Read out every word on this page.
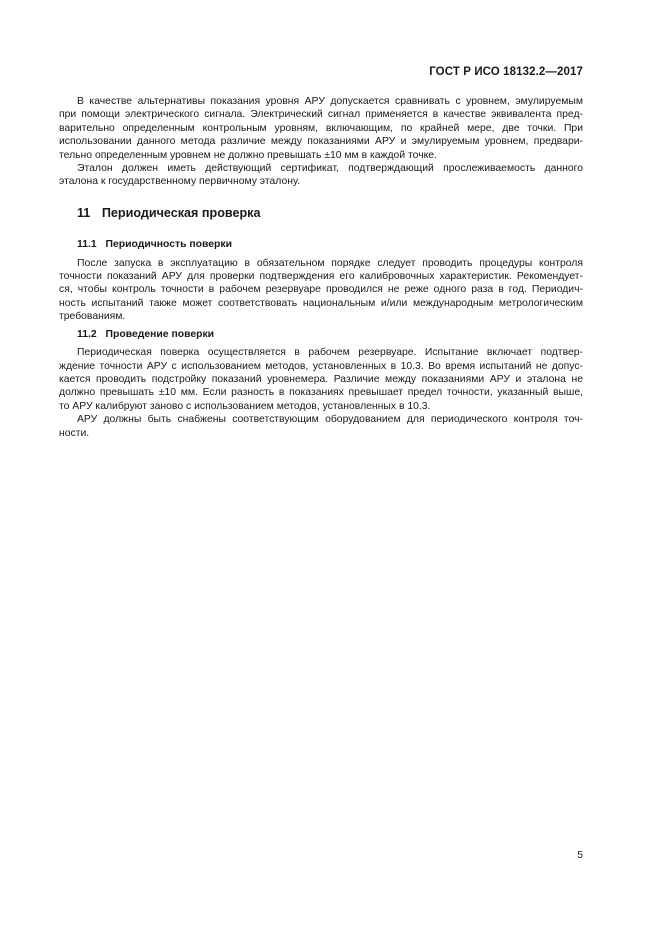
ГОСТ Р ИСО 18132.2—2017

В качестве альтернативы показания уровня АРУ допускается сравнивать с уровнем, эмулируемым
при помощи электрического сигнала. Электрический сигнал применяется в качестве эквивалента пред-
варительно определенным контрольным уровням, включающим, по крайней мере, две точки. При
использовании данного метода различие между показаниями АРУ и эмулируемым уровнем, предвари-
тельно определенным уровнем не должно превышать ±10 мм в каждой точке.

Эталон должен иметь действующий сертификат, подтверждающий прослеживаемость данного
эталона к государственному первичному эталону.

11 Периодическая проверка
11.1 Периодичность поверки

После запуска в эксплуатацию в обязательном порядке следует проводить процедуры контроля
точности показаний АРУ для проверки подтверждения его калибровочных характеристик. Рекомендует-
ся, чтобы контроль точности в рабочем резервуаре проводился не реже одного раза в год. Периодич-
ность испытаний также может соответствовать национальным и/или международным метрологическим
требованиям.

11.2 Проведение поверки

Периодическая поверка осуществляется в рабочем резервуаре. Испытание включает подтвер-
ждение точности АРУ с использованием методов, установленных в 10.3. Во время испытаний не допус-
кается проводить подстройку показаний уровнемера. Различие между показаниями АРУ и эталона не
должно превышать ±10 мм. Если разность в показаниях превышает предел точности, указанный выше,
то АРУ калибруют заново с использованием методов, установленных в 10.3.

АРУ должны быть снабжены соответствующим оборудованием для периодического контроля точ-
ности.

5
